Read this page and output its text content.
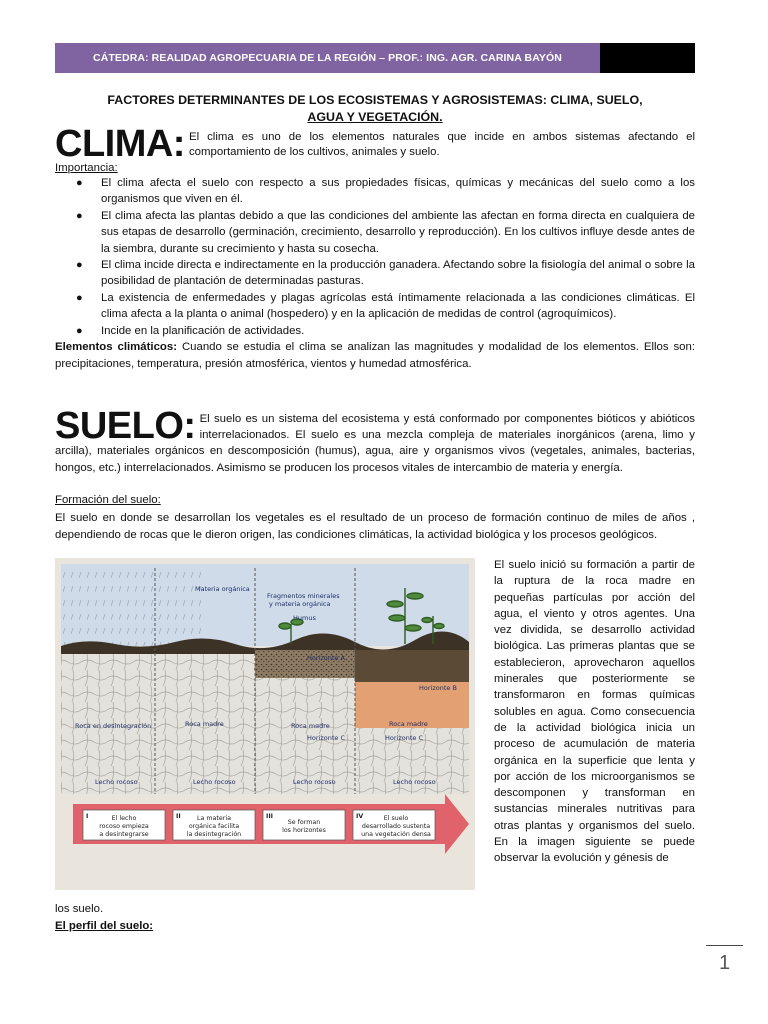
CÁTEDRA: REALIDAD AGROPECUARIA DE LA REGIÓN – PROF.: ING. AGR. CARINA BAYÓN
FACTORES DETERMINANTES DE LOS ECOSISTEMAS Y AGROSISTEMAS: CLIMA, SUELO,
AGUA Y VEGETACIÓN.
CLIMA: El clima es uno de los elementos naturales que incide en ambos sistemas afectando el comportamiento de los cultivos, animales y suelo.

Importancia:

● El clima afecta el suelo con respecto a sus propiedades físicas, químicas y mecánicas del suelo como a los organismos que viven en él.
● El clima afecta las plantas debido a que las condiciones del ambiente las afectan en forma directa en cualquiera de sus etapas de desarrollo (germinación, crecimiento, desarrollo y reproducción). En los cultivos influye desde antes de la siembra, durante su crecimiento y hasta su cosecha.
● El clima incide directa e indirectamente en la producción ganadera. Afectando sobre la fisiología del animal o sobre la posibilidad de plantación de determinadas pasturas.
● La existencia de enfermedades y plagas agrícolas está íntimamente relacionada a las condiciones climáticas. El clima afecta a la planta o animal (hospedero) y en la aplicación de medidas de control (agroquímicos).
● Incide en la planificación de actividades.

Elementos climáticos: Cuando se estudia el clima se analizan las magnitudes y modalidad de los elementos. Ellos son: precipitaciones, temperatura, presión atmosférica, vientos y humedad atmosférica.

SUELO: El suelo es un sistema del ecosistema y está conformado por componentes bióticos y abióticos interrelacionados. El suelo es una mezcla compleja de materiales inorgánicos (arena, limo y arcilla), materiales orgánicos en descomposición (humus), agua, aire y organismos vivos (vegetales, animales, bacterias, hongos, etc.) interrelacionados. Asimismo se producen los procesos vitales de intercambio de materia y energía.

Formación del suelo:

El suelo en donde se desarrollan los vegetales es el resultado de un proceso de formación continuo de miles de años , dependiendo de rocas que le dieron origen, las condiciones climáticas, la actividad biológica y los procesos geológicos.

Materia orgánica
Fragmentos minerales
y materia orgánica
Humus
Horizonte A
Horizonte B
Horizonte C	Horizonte C
Roca en desintegración	Roca madre	Roca madre	Roca madre
Lecho rocoso	Lecho rocoso	Lecho rocoso	Lecho rocoso
I	El lecho
rocoso empieza
a desintegrarse
II	La materia
orgánica facilita
la desintegración
III
Se forman
los horizontes
IV	El suelo
desarrollado sustenta
una vegetación densa

El suelo inició su formación a partir de la ruptura de la roca madre en pequeñas partículas por acción del agua, el viento y otros agentes. Una vez dividida, se desarrollo actividad biológica. Las primeras plantas que se establecieron, aprovecharon aquellos minerales que posteriormente se transformaron en formas químicas solubles en agua. Como consecuencia de la actividad biológica inicia un proceso de acumulación de materia orgánica en la superficie que lenta y por acción de los microorganismos se descomponen y transforman en sustancias minerales nutritivas para otras plantas y organismos del suelo. En la imagen siguiente se puede observar la evolución y génesis de

los suelo.

El perfil del suelo:

1
